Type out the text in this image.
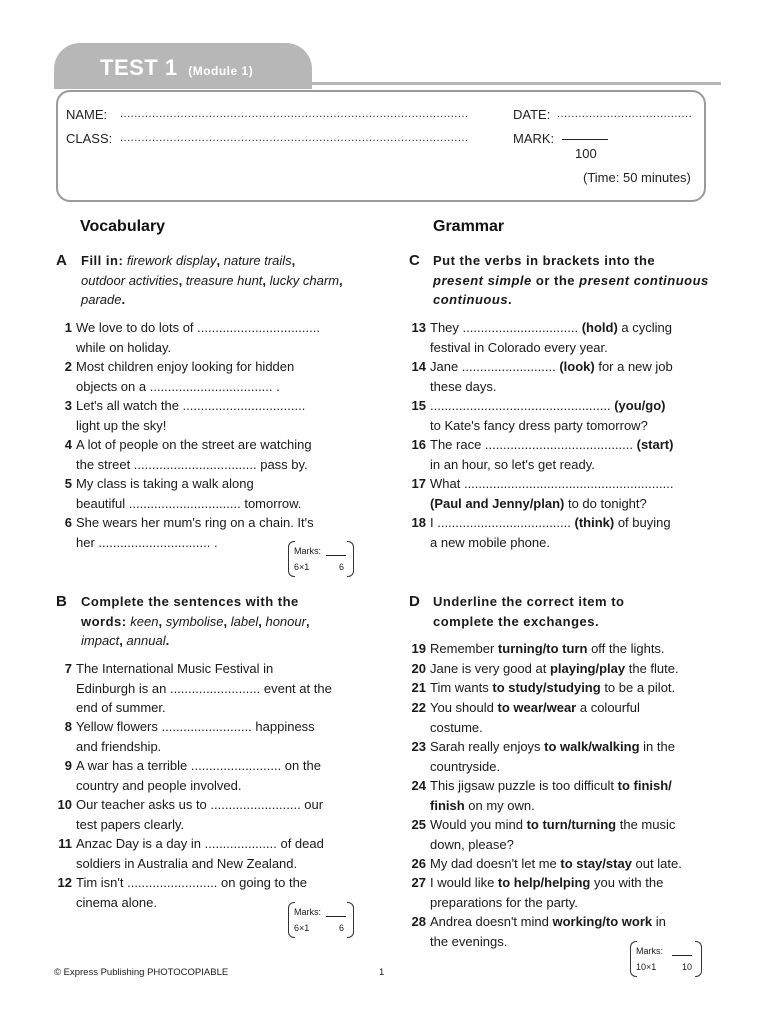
TEST 1 (Module 1)
NAME: ..................................................................................................	DATE: ......................................
CLASS: ..................................................................................................	MARK:
100
(Time: 50 minutes)
Vocabulary
A Fill in: firework display, nature trails,
outdoor activities, treasure hunt, lucky charm, parade.
1 We love to do lots of ..................................
while on holiday.
2 Most children enjoy looking for hidden
objects on a .................................. .
3 Let's all watch the ..................................
light up the sky!
4 A lot of people on the street are watching
the street .................................. pass by.
5 My class is taking a walk along
beautiful ............................... tomorrow.
6 She wears her mum's ring on a chain. It's
her ............................... .
Marks:
6×1	6
B Complete the sentences with the
words: keen, symbolise, label, honour,
impact, annual.
7 The International Music Festival in
Edinburgh is an ......................... event at the
end of summer.
8 Yellow flowers ......................... happiness
and friendship.
9 A war has a terrible ......................... on the
country and people involved.
10 Our teacher asks us to ......................... our
test papers clearly.
11 Anzac Day is a day in .................... of dead
soldiers in Australia and New Zealand.
12 Tim isn't ......................... on going to the
cinema alone.
Marks:
6×1	6
Grammar
C Put the verbs in brackets into the
present simple or the present continuous
continuous.
13 They ................................ (hold) a cycling
festival in Colorado every year.
14 Jane .......................... (look) for a new job
these days.
15 .................................................. (you/go)
to Kate's fancy dress party tomorrow?
16 The race ......................................... (start)
in an hour, so let's get ready.
17 What ..........................................................
(Paul and Jenny/plan) to do tonight?
18 I ..................................... (think) of buying
a new mobile phone.
D Underline the correct item to complete the exchanges.
19 Remember turning/to turn off the lights.
20 Jane is very good at playing/play the flute.
21 Tim wants to study/studying to be a pilot.
22 You should to wear/wear a colourful
costume.
23 Sarah really enjoys to walk/walking in the
countryside.
24 This jigsaw puzzle is too difficult to finish/
finish on my own.
25 Would you mind to turn/turning the music
down, please?
26 My dad doesn't let me to stay/stay out late.
27 I would like to help/helping you with the
preparations for the party.
28 Andrea doesn't mind working/to work in
the evenings.
Marks:
10×1	10
© Express Publishing PHOTOCOPIABLE	1
